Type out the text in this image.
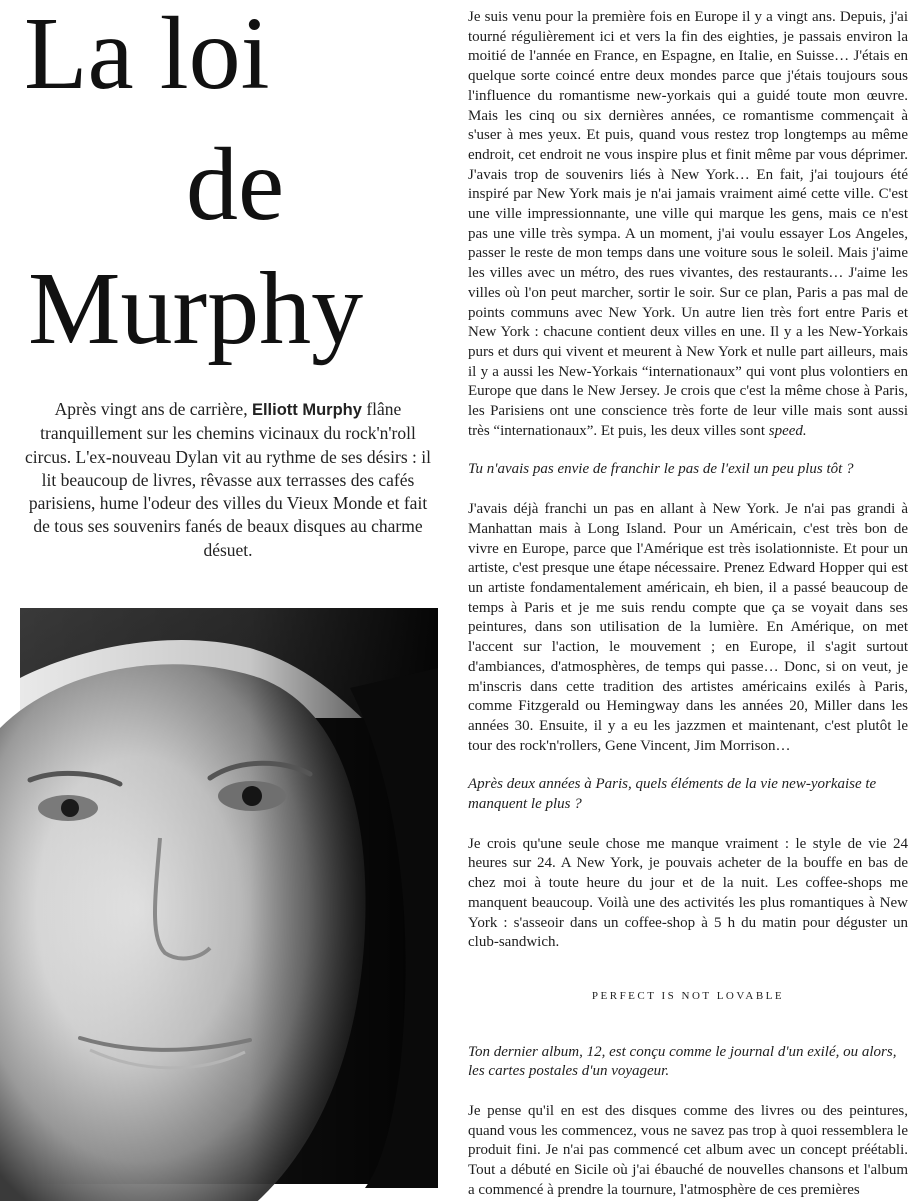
La loi
de
Murphy

Après vingt ans de carrière, Elliott Murphy flâne tranquillement sur les chemins vicinaux du rock'n'roll circus. L'ex-nouveau Dylan vit au rythme de ses désirs : il lit beaucoup de livres, rêvasse aux terrasses des cafés parisiens, hume l'odeur des villes du Vieux Monde et fait de tous ses souvenirs fanés de beaux disques au charme désuet.

Je suis venu pour la première fois en Europe il y a vingt ans. Depuis, j'ai tourné régulièrement ici et vers la fin des eighties, je passais environ la moitié de l'année en France, en Espagne, en Italie, en Suisse… J'étais en quelque sorte coincé entre deux mondes parce que j'étais toujours sous l'influence du romantisme new-yorkais qui a guidé toute mon œuvre. Mais les cinq ou six dernières années, ce romantisme commençait à s'user à mes yeux. Et puis, quand vous restez trop longtemps au même endroit, cet endroit ne vous inspire plus et finit même par vous déprimer. J'avais trop de souvenirs liés à New York… En fait, j'ai toujours été inspiré par New York mais je n'ai jamais vraiment aimé cette ville. C'est une ville impressionnante, une ville qui marque les gens, mais ce n'est pas une ville très sympa. A un moment, j'ai voulu essayer Los Angeles, passer le reste de mon temps dans une voiture sous le soleil. Mais j'aime les villes avec un métro, des rues vivantes, des restaurants… J'aime les villes où l'on peut marcher, sortir le soir. Sur ce plan, Paris a pas mal de points communs avec New York. Un autre lien très fort entre Paris et New York : chacune contient deux villes en une. Il y a les New-Yorkais purs et durs qui vivent et meurent à New York et nulle part ailleurs, mais il y a aussi les New-Yorkais “internationaux” qui vont plus volontiers en Europe que dans le New Jersey. Je crois que c'est la même chose à Paris, les Parisiens ont une conscience très forte de leur ville mais sont aussi très “internationaux”. Et puis, les deux villes sont speed.

Tu n'avais pas envie de franchir le pas de l'exil un peu plus tôt ?

J'avais déjà franchi un pas en allant à New York. Je n'ai pas grandi à Manhattan mais à Long Island. Pour un Américain, c'est très bon de vivre en Europe, parce que l'Amérique est très isolationniste. Et pour un artiste, c'est presque une étape nécessaire. Prenez Edward Hopper qui est un artiste fondamentalement américain, eh bien, il a passé beaucoup de temps à Paris et je me suis rendu compte que ça se voyait dans ses peintures, dans son utilisation de la lumière. En Amérique, on met l'accent sur l'action, le mouvement ; en Europe, il s'agit surtout d'ambiances, d'atmosphères, de temps qui passe… Donc, si on veut, je m'inscris dans cette tradition des artistes américains exilés à Paris, comme Fitzgerald ou Hemingway dans les années 20, Miller dans les années 30. Ensuite, il y a eu les jazzmen et maintenant, c'est plutôt le tour des rock'n'rollers, Gene Vincent, Jim Morrison…

Après deux années à Paris, quels éléments de la vie new-yorkaise te manquent le plus ?

Je crois qu'une seule chose me manque vraiment : le style de vie 24 heures sur 24. A New York, je pouvais acheter de la bouffe en bas de chez moi à toute heure du jour et de la nuit. Les coffee-shops me manquent beaucoup. Voilà une des activités les plus romantiques à New York : s'asseoir dans un coffee-shop à 5 h du matin pour déguster un club-sandwich.

PERFECT IS NOT LOVABLE

Ton dernier album, 12, est conçu comme le journal d'un exilé, ou alors, les cartes postales d'un voyageur.

Je pense qu'il en est des disques comme des livres ou des peintures, quand vous les commencez, vous ne savez pas trop à quoi ressemblera le produit fini. Je n'ai pas commencé cet album avec un concept préétabli. Tout a débuté en Sicile où j'ai ébauché de nouvelles chansons et l'album a commencé à prendre la tournure, l'atmosphère de ces premières
